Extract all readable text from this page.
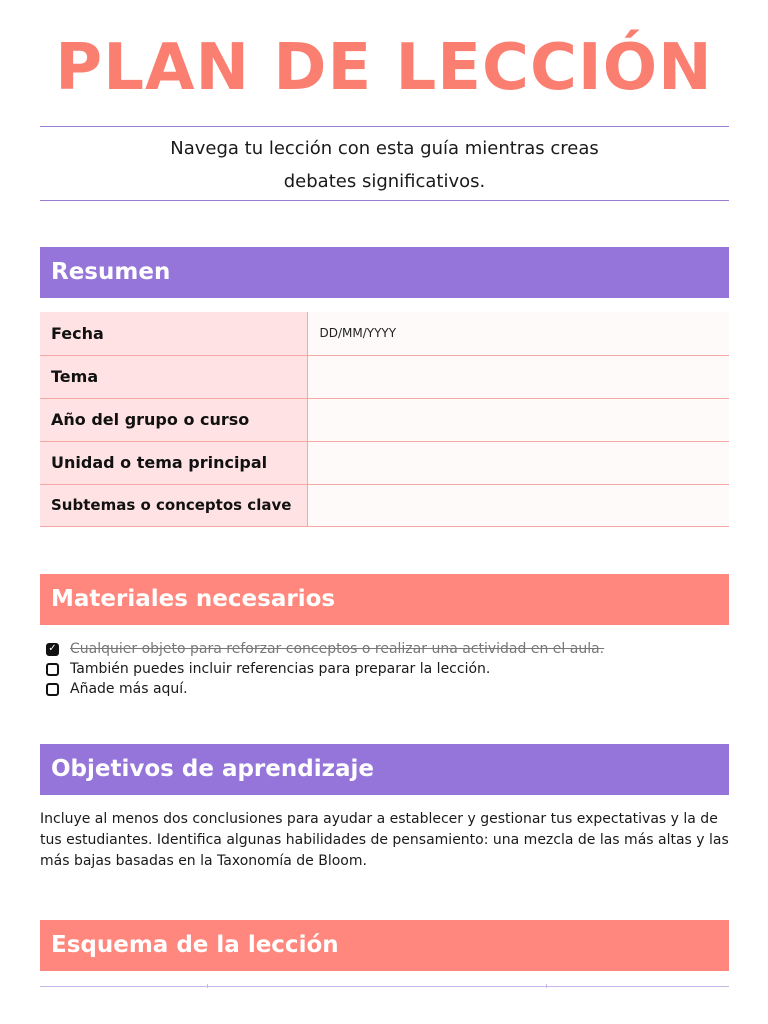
PLAN DE LECCIÓN
Navega tu lección con esta guía mientras creas
debates significativos.
Resumen
Fecha	DD/MM/YYYY
Tema	
Año del grupo o curso	
Unidad o tema principal	
Subtemas o conceptos clave	
Materiales necesarios
✓ Cualquier objeto para reforzar conceptos o realizar una actividad en el aula.
También puedes incluir referencias para preparar la lección.
Añade más aquí.
Objetivos de aprendizaje
Incluye al menos dos conclusiones para ayudar a establecer y gestionar tus expectativas y la de tus estudiantes. Identifica algunas habilidades de pensamiento: una mezcla de las más altas y las más bajas basadas en la Taxonomía de Bloom.
Esquema de la lección
